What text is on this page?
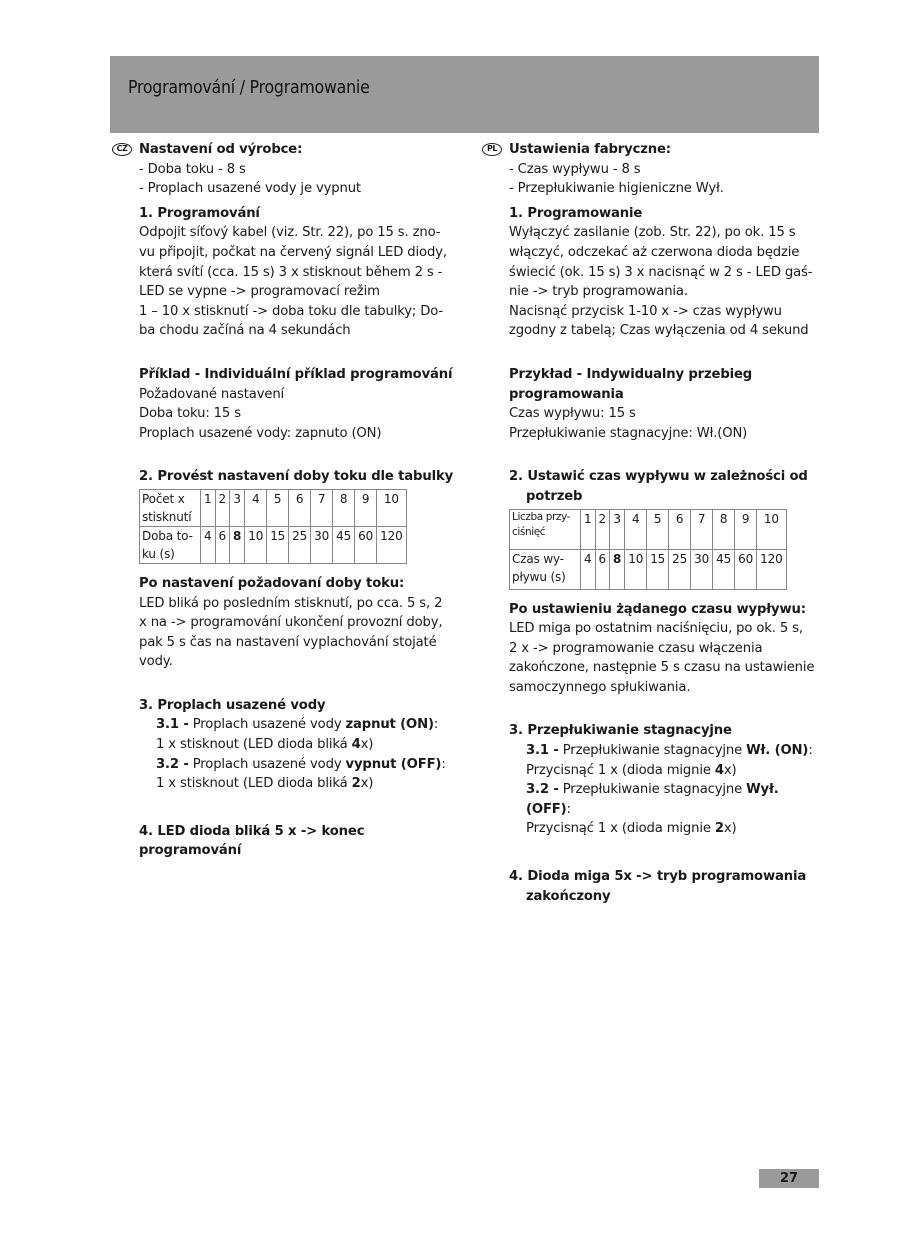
Programování / Programowanie
CZ Nastavení od výrobce:
- Doba toku - 8 s
- Proplach usazené vody je vypnut
1. Programování
Odpojit síťový kabel (viz. Str. 22), po 15 s. zno-
vu připojit, počkat na červený signál LED diody,
která svítí (cca. 15 s) 3 x stisknout během 2 s -
LED se vypne -> programovací režim
1 – 10 x stisknutí -> doba toku dle tabulky; Do-
ba chodu začíná na 4 sekundách
Příklad - Individuální příklad programování
Požadované nastavení
Doba toku: 15 s
Proplach usazené vody: zapnuto (ON)
2. Provést nastavení doby toku dle tabulky
Počet x stisknutí	1	2	3	4	5	6	7	8	9	10
Doba to-ku (s)	4	6	8	10	15	25	30	45	60	120
Po nastavení požadovaní doby toku:
LED bliká po posledním stisknutí, po cca. 5 s, 2
x na -> programování ukončení provozní doby,
pak 5 s čas na nastavení vyplachování stojaté
vody.
3. Proplach usazené vody
3.1 - Proplach usazené vody zapnut (ON):
1 x stisknout (LED dioda bliká 4x)
3.2 - Proplach usazené vody vypnut (OFF):
1 x stisknout (LED dioda bliká 2x)
4. LED dioda bliká 5 x -> konec programování
PL Ustawienia fabryczne:
- Czas wypływu - 8 s
- Przepłukiwanie higieniczne Wył.
1. Programowanie
Wyłączyć zasilanie (zob. Str. 22), po ok. 15 s
włączyć, odczekać aż czerwona dioda będzie
świecić (ok. 15 s) 3 x nacisnąć w 2 s - LED gaś-
nie -> tryb programowania.
Nacisnąć przycisk 1-10 x -> czas wypływu
zgodny z tabelą; Czas wyłączenia od 4 sekund
Przykład - Indywidualny przebieg
programowania
Czas wypływu: 15 s
Przepłukiwanie stagnacyjne: Wł.(ON)
2. Ustawić czas wypływu w zależności od
potrzeb
Liczba przy-ciśnięć	1	2	3	4	5	6	7	8	9	10
Czas wy-pływu (s)	4	6	8	10	15	25	30	45	60	120
Po ustawieniu żądanego czasu wypływu:
LED miga po ostatnim naciśnięciu, po ok. 5 s,
2 x -> programowanie czasu włączenia
zakończone, następnie 5 s czasu na ustawienie
samoczynnego spłukiwania.
3. Przepłukiwanie stagnacyjne
3.1 - Przepłukiwanie stagnacyjne Wł. (ON):
Przycisnąć 1 x (dioda mignie 4x)
3.2 - Przepłukiwanie stagnacyjne Wył. (OFF):
Przycisnąć 1 x (dioda mignie 2x)
4. Dioda miga 5x -> tryb programowania
zakończony
27
